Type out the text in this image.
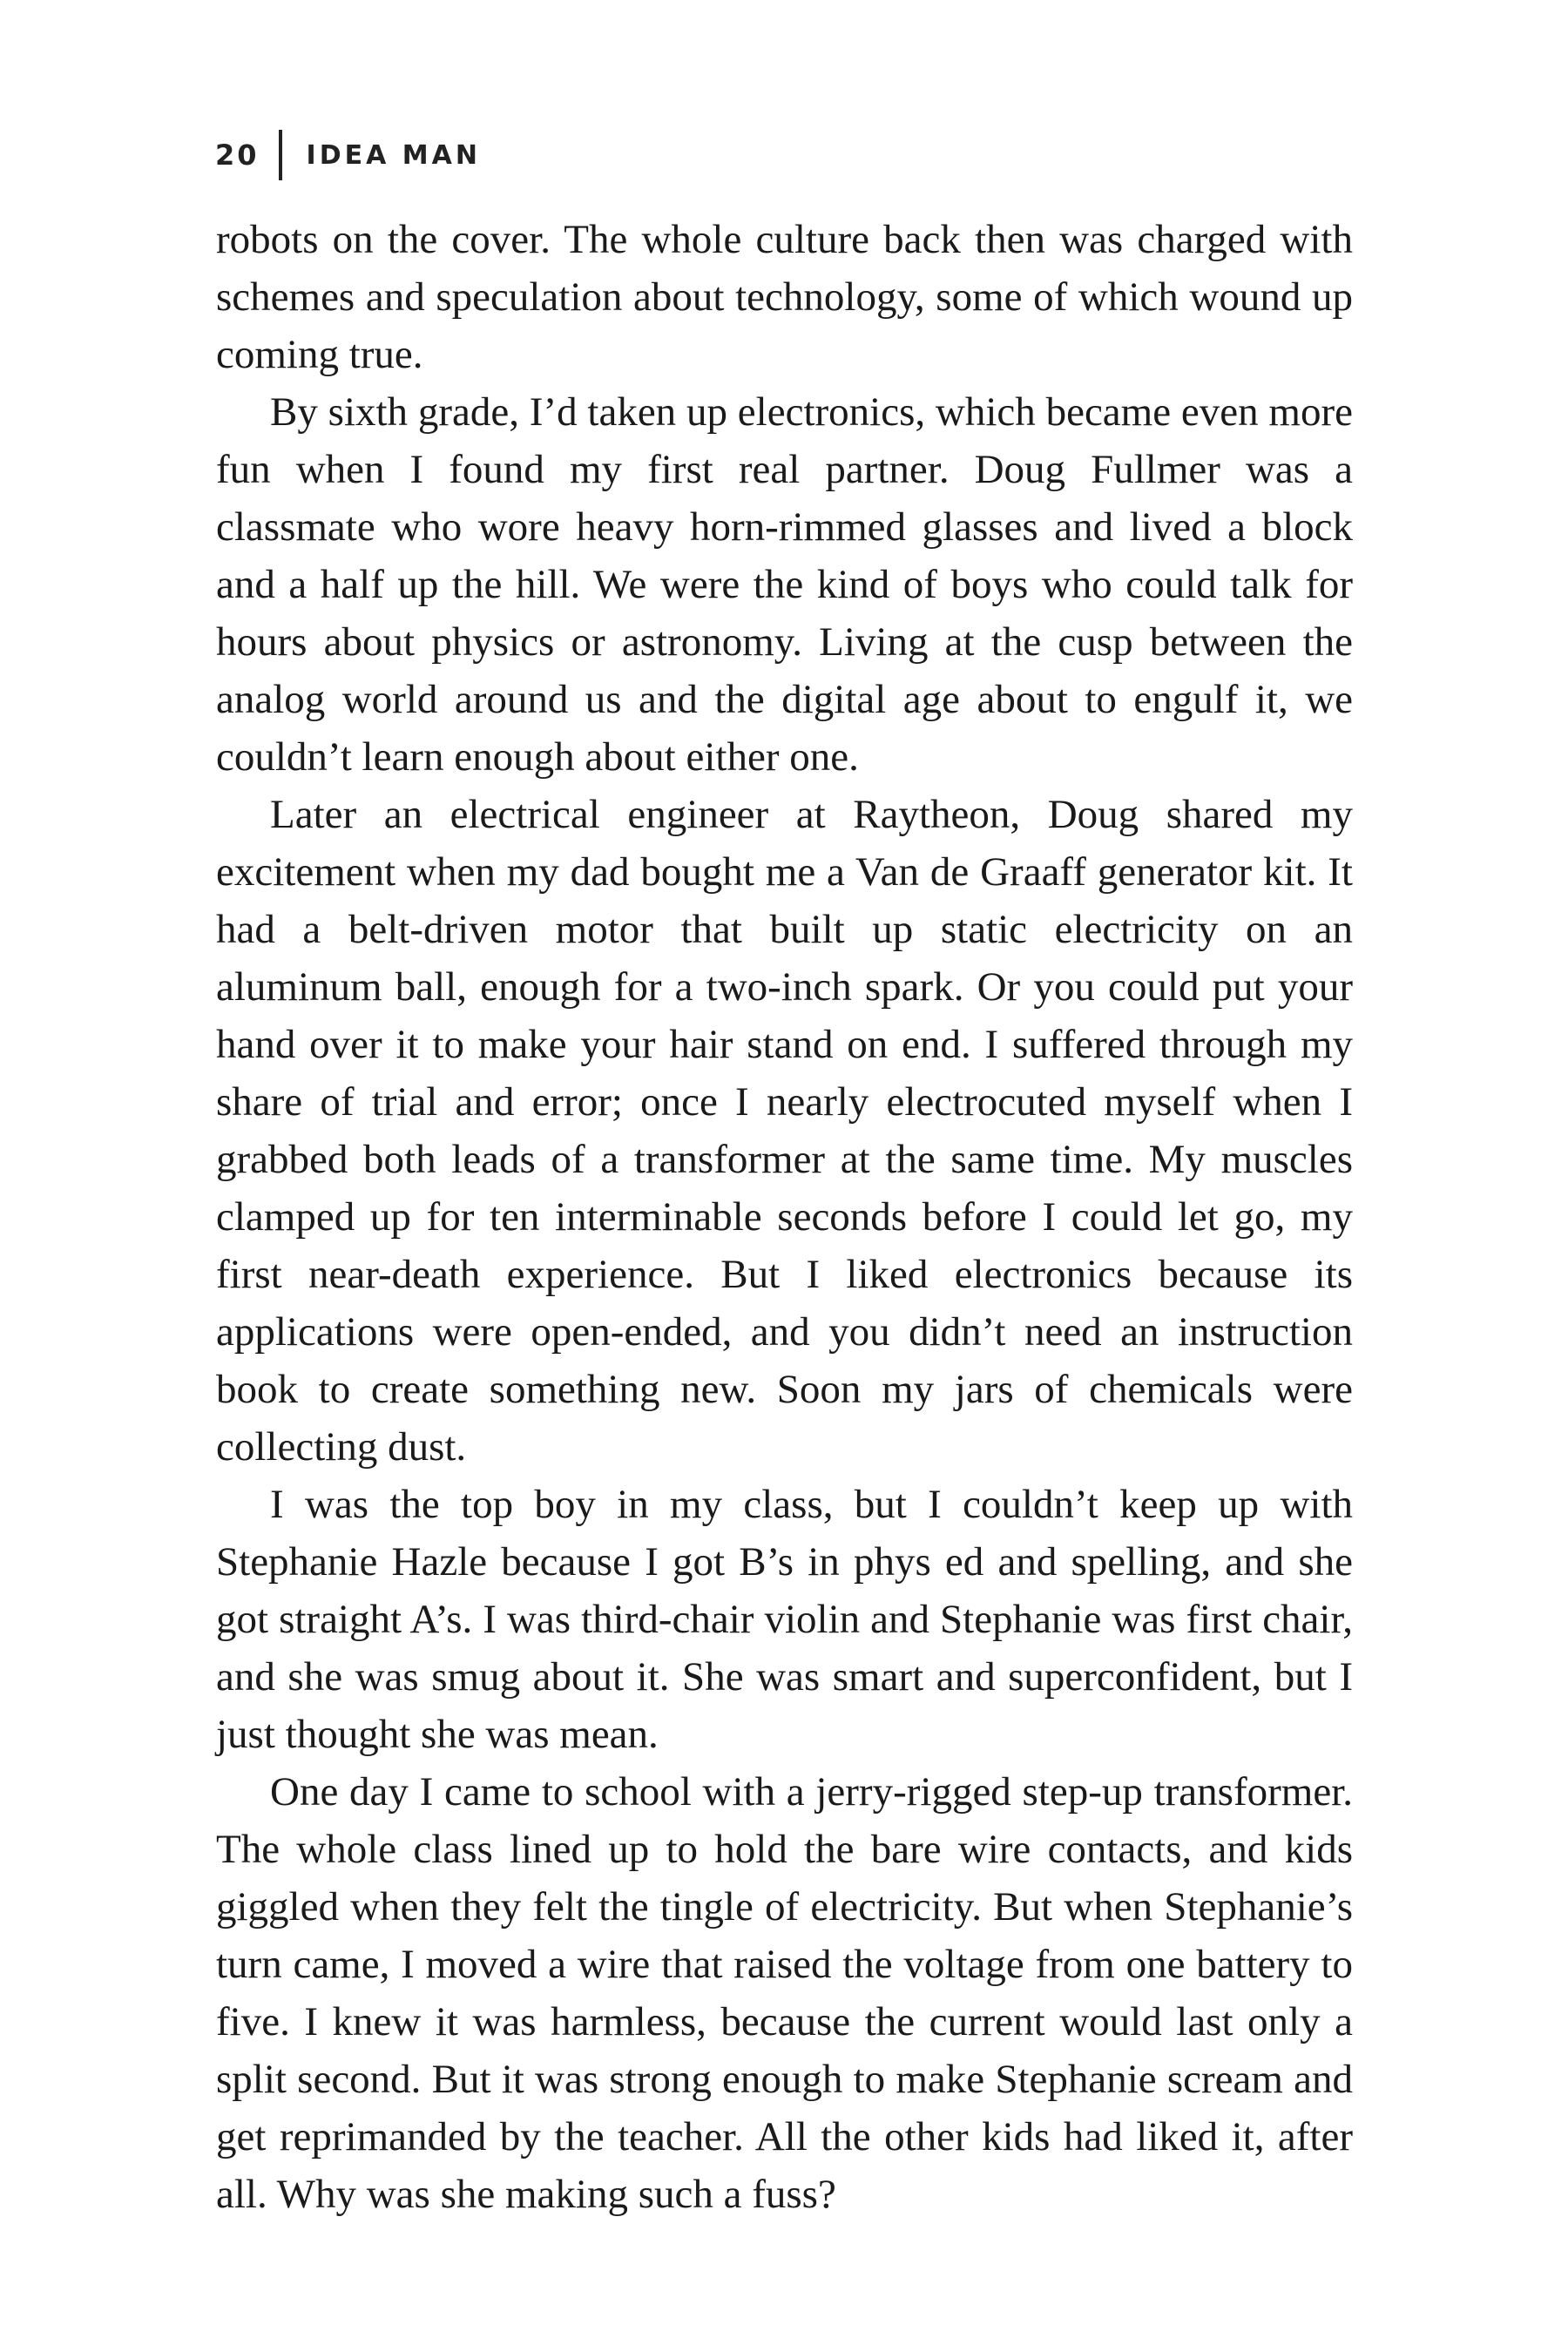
20 IDEA MAN

robots on the cover. The whole culture back then was charged with schemes and speculation about technology, some of which wound up coming true.

By sixth grade, I’d taken up electronics, which became even more fun when I found my first real partner. Doug Fullmer was a classmate who wore heavy horn-rimmed glasses and lived a block and a half up the hill. We were the kind of boys who could talk for hours about physics or astronomy. Living at the cusp between the analog world around us and the digital age about to engulf it, we couldn’t learn enough about either one.

Later an electrical engineer at Raytheon, Doug shared my excitement when my dad bought me a Van de Graaff generator kit. It had a belt-driven motor that built up static electricity on an aluminum ball, enough for a two-inch spark. Or you could put your hand over it to make your hair stand on end. I suffered through my share of trial and error; once I nearly electrocuted myself when I grabbed both leads of a transformer at the same time. My muscles clamped up for ten interminable seconds before I could let go, my first near-death experience. But I liked electronics because its applications were open-ended, and you didn’t need an instruction book to create something new. Soon my jars of chemicals were collecting dust.

I was the top boy in my class, but I couldn’t keep up with Stephanie Hazle because I got B’s in phys ed and spelling, and she got straight A’s. I was third-chair violin and Stephanie was first chair, and she was smug about it. She was smart and superconfident, but I just thought she was mean.

One day I came to school with a jerry-rigged step-up transformer. The whole class lined up to hold the bare wire contacts, and kids giggled when they felt the tingle of electricity. But when Stephanie’s turn came, I moved a wire that raised the voltage from one battery to five. I knew it was harmless, because the current would last only a split second. But it was strong enough to make Stephanie scream and get reprimanded by the teacher. All the other kids had liked it, after all. Why was she making such a fuss?
